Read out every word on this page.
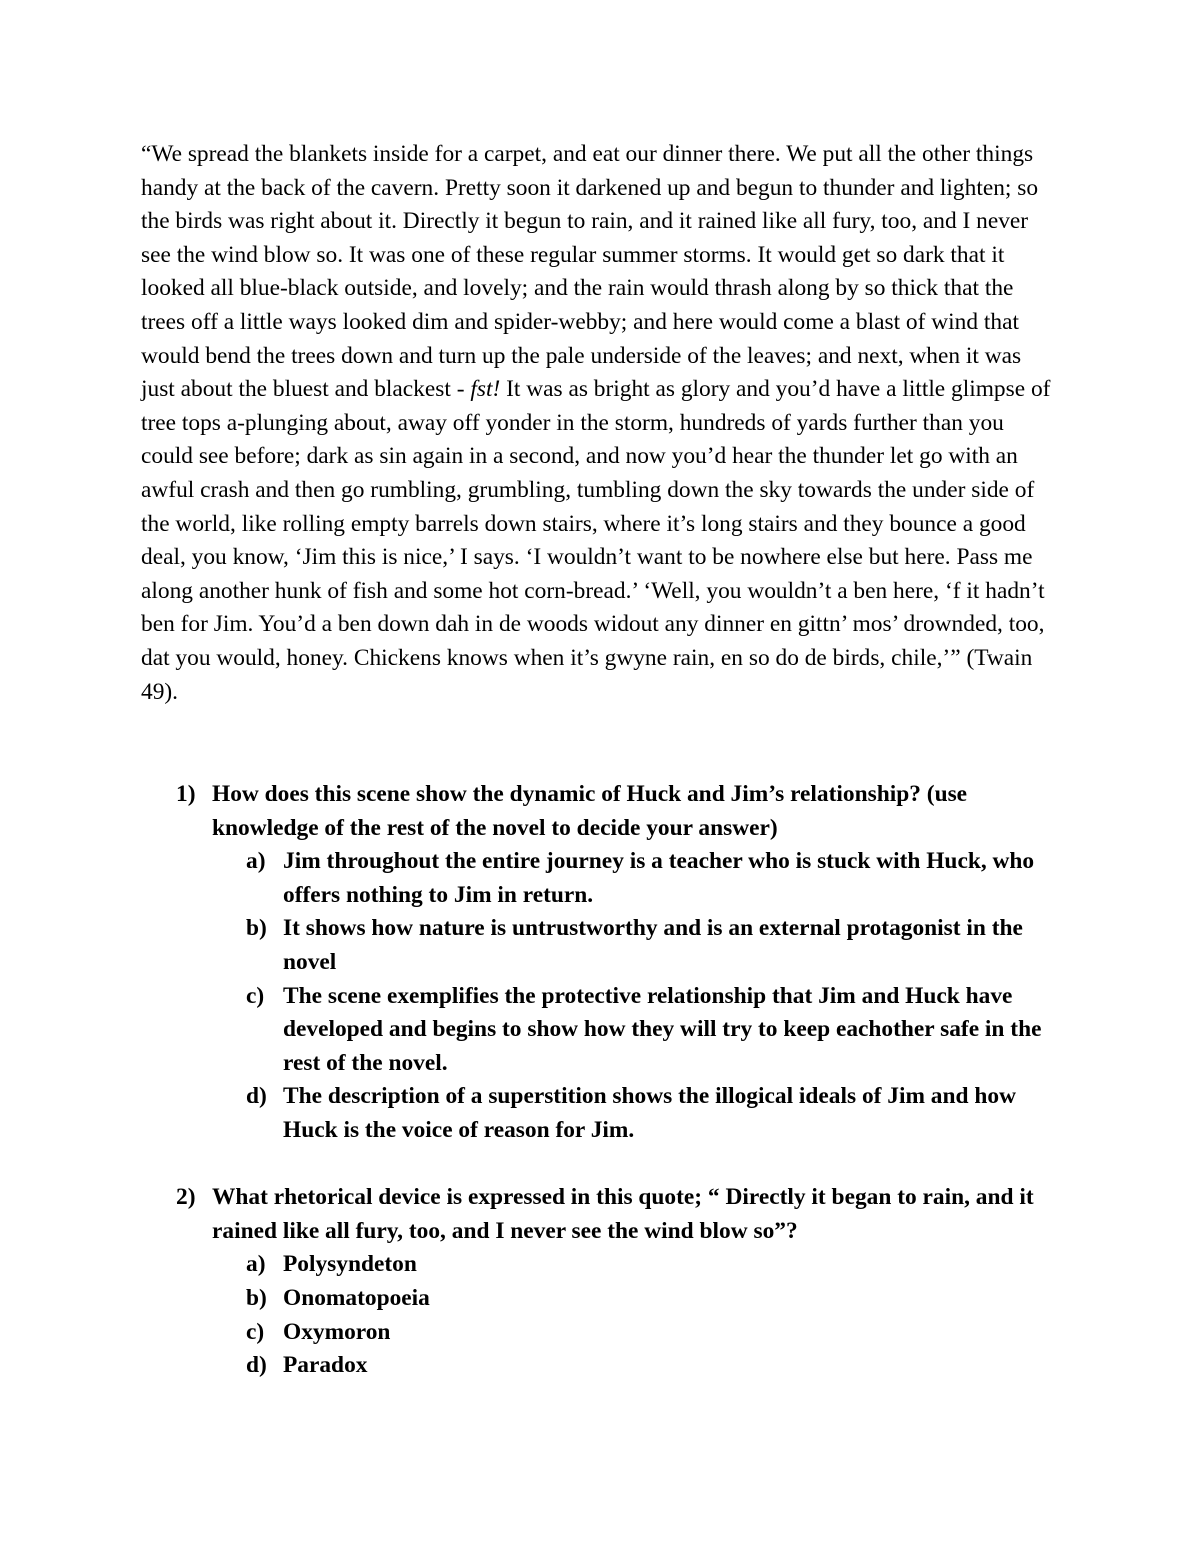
“We spread the blankets inside for a carpet, and eat our dinner there. We put all the other things handy at the back of the cavern. Pretty soon it darkened up and begun to thunder and lighten; so the birds was right about it. Directly it begun to rain, and it rained like all fury, too, and I never see the wind blow so. It was one of these regular summer storms. It would get so dark that it looked all blue-black outside, and lovely; and the rain would thrash along by so thick that the trees off a little ways looked dim and spider-webby; and here would come a blast of wind that would bend the trees down and turn up the pale underside of the leaves; and next, when it was just about the bluest and blackest - fst! It was as bright as glory and you’d have a little glimpse of tree tops a-plunging about, away off yonder in the storm, hundreds of yards further than you could see before; dark as sin again in a second, and now you’d hear the thunder let go with an awful crash and then go rumbling, grumbling, tumbling down the sky towards the under side of the world, like rolling empty barrels down stairs, where it’s long stairs and they bounce a good deal, you know, ‘Jim this is nice,’ I says. ‘I wouldn’t want to be nowhere else but here. Pass me along another hunk of fish and some hot corn-bread.’ ‘Well, you wouldn’t a ben here, ‘f it hadn’t ben for Jim. You’d a ben down dah in de woods widout any dinner en gittn’ mos’ drownded, too, dat you would, honey. Chickens knows when it’s gwyne rain, en so do de birds, chile,’” (Twain 49).

1) How does this scene show the dynamic of Huck and Jim’s relationship? (use knowledge of the rest of the novel to decide your answer)
a) Jim throughout the entire journey is a teacher who is stuck with Huck, who offers nothing to Jim in return.
b) It shows how nature is untrustworthy and is an external protagonist in the novel
c) The scene exemplifies the protective relationship that Jim and Huck have developed and begins to show how they will try to keep eachother safe in the rest of the novel.
d) The description of a superstition shows the illogical ideals of Jim and how Huck is the voice of reason for Jim.
2) What rhetorical device is expressed in this quote; “ Directly it began to rain, and it rained like all fury, too, and I never see the wind blow so”?
a) Polysyndeton
b) Onomatopoeia
c) Oxymoron
d) Paradox
